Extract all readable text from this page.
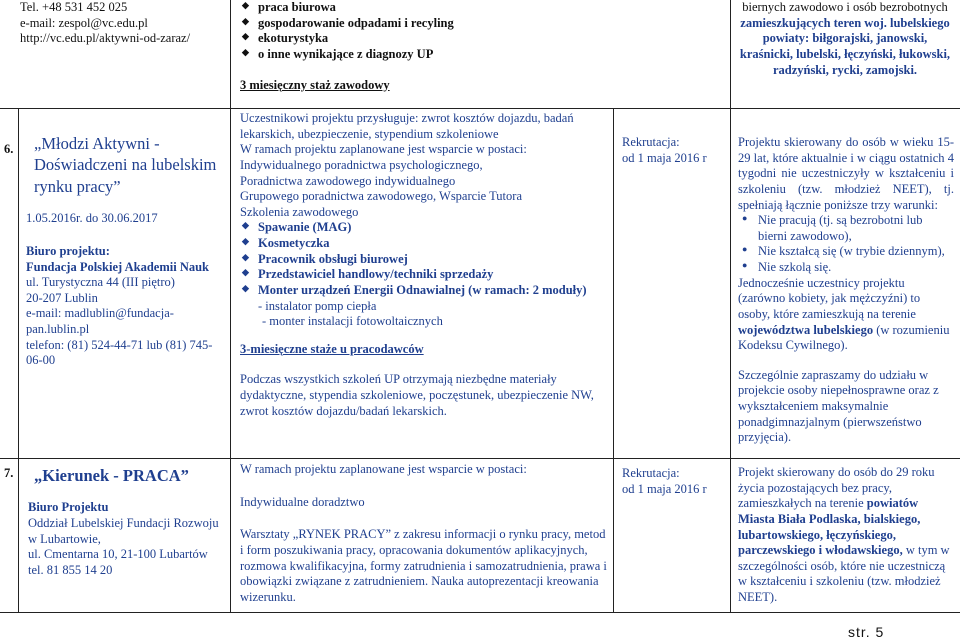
Tel. +48 531 452 025

e-mail: zespol@vc.edu.pl

http://vc.edu.pl/aktywni-od-zaraz/

◆ praca biurowa
◆ gospodarowanie odpadami i recyling
◆ ekoturystyka
◆ o inne wynikające z diagnozy UP

3 miesięczny staż zawodowy

biernych zawodowo i osób bezrobotnych

zamieszkujących teren woj. lubelskiego powiaty: biłgorajski, janowski, kraśnicki, lubelski, łęczyński, łukowski, radzyński, rycki, zamojski.

6.	„Młodzi Aktywni - Doświadczeni na lubelskim rynku pracy”

1.05.2016r. do 30.06.2017

Biuro projektu:

Fundacja Polskiej Akademii Nauk

ul. Turystyczna 44 (III piętro)

20-207 Lublin

e-mail: madlublin@fundacja-pan.lublin.pl

telefon: (81) 524-44-71 lub (81) 745-06-00

Uczestnikowi projektu przysługuje: zwrot kosztów dojazdu, badań lekarskich, ubezpieczenie, stypendium szkoleniowe

W ramach projektu zaplanowane jest wsparcie w postaci:

Indywidualnego poradnictwa psychologicznego,

Poradnictwa zawodowego indywidualnego

Grupowego poradnictwa zawodowego, Wsparcie Tutora

Szkolenia zawodowego

◆ Spawanie (MAG)
◆ Kosmetyczka
◆ Pracownik obsługi biurowej
◆ Przedstawiciel handlowy/techniki sprzedaży
◆ Monter urządzeń Energii Odnawialnej (w ramach: 2 moduły)

- instalator pomp ciepła

- monter instalacji fotowoltaicznych

3-miesięczne staże u pracodawców

Podczas wszystkich szkoleń UP otrzymają niezbędne materiały dydaktyczne, stypendia szkoleniowe, poczęstunek, ubezpieczenie NW, zwrot kosztów dojazdu/badań lekarskich.

Rekrutacja:

od 1 maja 2016 r

Projektu skierowany do osób w wieku 15-29 lat, które aktualnie i w ciągu ostatnich 4 tygodni nie uczestniczyły w kształceniu i szkoleniu (tzw. młodzież NEET), tj. spełniają łącznie poniższe trzy warunki:

● Nie pracują (tj. są bezrobotni lub bierni zawodowo),
● Nie kształcą się (w trybie dziennym),
● Nie szkolą się.

Jednocześnie uczestnicy projektu (zarówno kobiety, jak mężczyźni) to osoby, które zamieszkują na terenie województwa lubelskiego (w rozumieniu Kodeksu Cywilnego).

Szczególnie zapraszamy do udziału w projekcie osoby niepełnosprawne oraz z wykształceniem maksymalnie ponadgimnazjalnym (pierwszeństwo przyjęcia).

7.	„Kierunek - PRACA”

Biuro Projektu

Oddział Lubelskiej Fundacji Rozwoju w Lubartowie,

ul. Cmentarna 10, 21-100 Lubartów

tel. 81 855 14 20

W ramach projektu zaplanowane jest wsparcie w postaci:

Indywidualne doradztwo

Warsztaty „RYNEK PRACY” z zakresu informacji o rynku pracy, metod i form poszukiwania pracy, opracowania dokumentów aplikacyjnych, rozmowa kwalifikacyjna, formy zatrudnienia i samozatrudnienia, prawa i obowiązki związane z zatrudnieniem. Nauka autoprezentacji kreowania wizerunku.

Rekrutacja:

od 1 maja 2016 r

Projekt skierowany do osób do 29 roku życia pozostających bez pracy, zamieszkałych na terenie powiatów Miasta Biała Podlaska, bialskiego, lubartowskiego, łęczyńskiego, parczewskiego i włodawskiego, w tym w szczególności osób, które nie uczestniczą w kształceniu i szkoleniu (tzw. młodzież NEET).

str. 5
